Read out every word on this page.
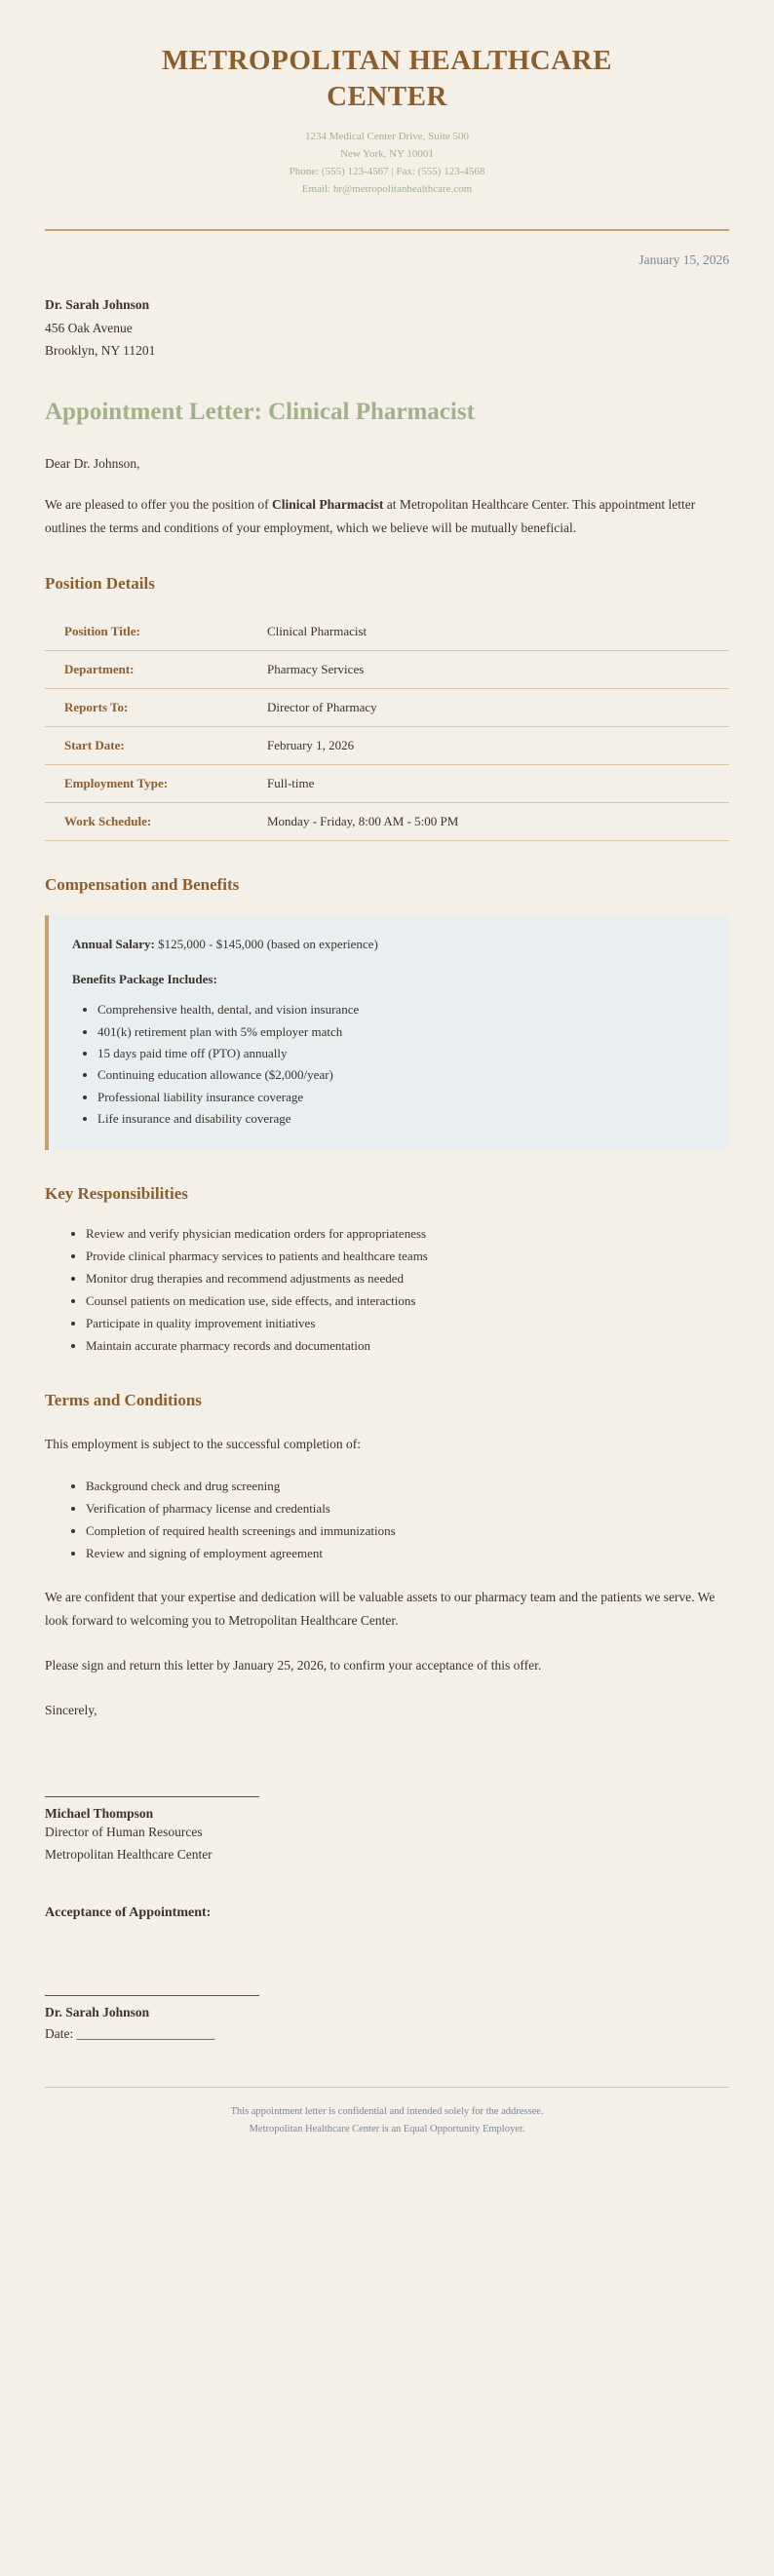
METROPOLITAN HEALTHCARE CENTER
1234 Medical Center Drive, Suite 500
New York, NY 10001
Phone: (555) 123-4567 | Fax: (555) 123-4568
Email: hr@metropolitanhealthcare.com
January 15, 2026
Dr. Sarah Johnson
456 Oak Avenue
Brooklyn, NY 11201
Appointment Letter: Clinical Pharmacist
Dear Dr. Johnson,

We are pleased to offer you the position of Clinical Pharmacist at Metropolitan Healthcare Center. This appointment letter outlines the terms and conditions of your employment, which we believe will be mutually beneficial.

Position Details
Position Title:	Clinical Pharmacist
Department:	Pharmacy Services
Reports To:	Director of Pharmacy
Start Date:	February 1, 2026
Employment Type:	Full-time
Work Schedule:	Monday - Friday, 8:00 AM - 5:00 PM
Compensation and Benefits
Annual Salary: $125,000 - $145,000 (based on experience)
Benefits Package Includes:
• Comprehensive health, dental, and vision insurance
• 401(k) retirement plan with 5% employer match
• 15 days paid time off (PTO) annually
• Continuing education allowance ($2,000/year)
• Professional liability insurance coverage
• Life insurance and disability coverage
Key Responsibilities
• Review and verify physician medication orders for appropriateness
• Provide clinical pharmacy services to patients and healthcare teams
• Monitor drug therapies and recommend adjustments as needed
• Counsel patients on medication use, side effects, and interactions
• Participate in quality improvement initiatives
• Maintain accurate pharmacy records and documentation
Terms and Conditions

This employment is subject to the successful completion of:

• Background check and drug screening
• Verification of pharmacy license and credentials
• Completion of required health screenings and immunizations
• Review and signing of employment agreement

We are confident that your expertise and dedication will be valuable assets to our pharmacy team and the patients we serve. We look forward to welcoming you to Metropolitan Healthcare Center.

Please sign and return this letter by January 25, 2026, to confirm your acceptance of this offer.

Sincerely,

Michael Thompson
Director of Human Resources
Metropolitan Healthcare Center
Acceptance of Appointment:
Dr. Sarah Johnson
Date: _____________________
This appointment letter is confidential and intended solely for the addressee.
Metropolitan Healthcare Center is an Equal Opportunity Employer.
